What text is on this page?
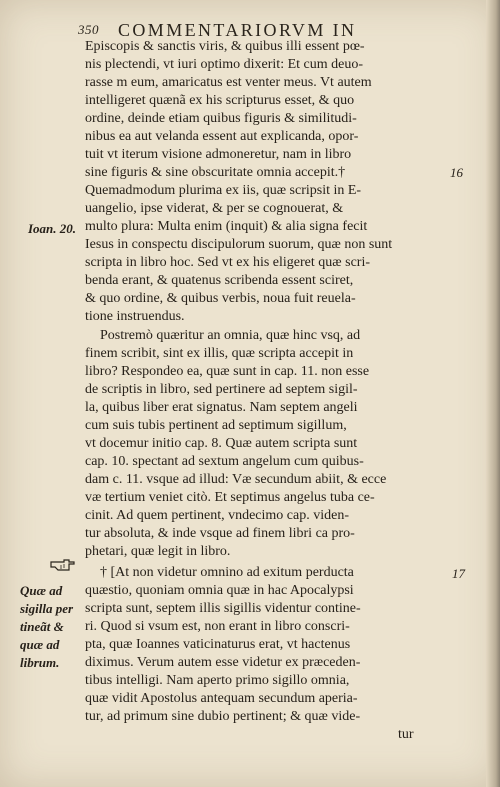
350 COMMENTARIORVM IN
Episcopis & sanctis viris, & quibus illi essent pœ-
nis plectendi, vt iuri optimo dixerit: Et cum deuo-
rasse m eum, amaricatus est venter meus. Vt autem
intelligeret quænã ex his scripturus esset, & quo
ordine, deinde etiam quibus figuris & similitudi-
nibus ea aut velanda essent aut explicanda, opor-
tuit vt iterum visione admoneretur, nam in libro
sine figuris & sine obscuritate omnia accepit.†
Quemadmodum plurima ex iis, quæ scripsit in E-
uangelio, ipse viderat, & per se cognouerat, &
multo plura: Multa enim (inquit) & alia signa fecit
Iesus in conspectu discipulorum suorum, quæ non sunt
scripta in libro hoc. Sed vt ex his eligeret quæ scri-
benda erant, & quatenus scribenda essent sciret,
& quo ordine, & quibus verbis, noua fuit reuela-
tione instruendus.
Postremò quæritur an omnia, quæ hinc vsq, ad
finem scribit, sint ex illis, quæ scripta accepit in
libro? Respondeo ea, quæ sunt in cap. 11. non esse
de scriptis in libro, sed pertinere ad septem sigil-
la, quibus liber erat signatus. Nam septem angeli
cum suis tubis pertinent ad septimum sigillum,
vt docemur initio cap. 8. Quæ autem scripta sunt
cap. 10. spectant ad sextum angelum cum quibus-
dam c. 11. vsque ad illud: Væ secundum abiit, & ecce
væ tertium veniet citò. Et septimus angelus tuba ce-
cinit. Ad quem pertinent, vndecimo cap. viden-
tur absoluta, & inde vsque ad finem libri ca pro-
phetari, quæ legit in libro.
† [At non videtur omnino ad exitum perducta
quæstio, quoniam omnia quæ in hac Apocalypsi
scripta sunt, septem illis sigillis videntur contine-
ri. Quod si vsum est, non erant in libro conscri-
pta, quæ Ioannes vaticinaturus erat, vt hactenus
diximus. Verum autem esse videtur ex præceden-
tibus intelligi. Nam aperto primo sigillo omnia,
quæ vidit Apostolus antequam secundum aperia-
tur, ad primum sine dubio pertinent; & quæ vide-
tur
16
17
Ioan. 20.
Quæ ad
sigilla per
tineãt &
quæ ad
librum.
